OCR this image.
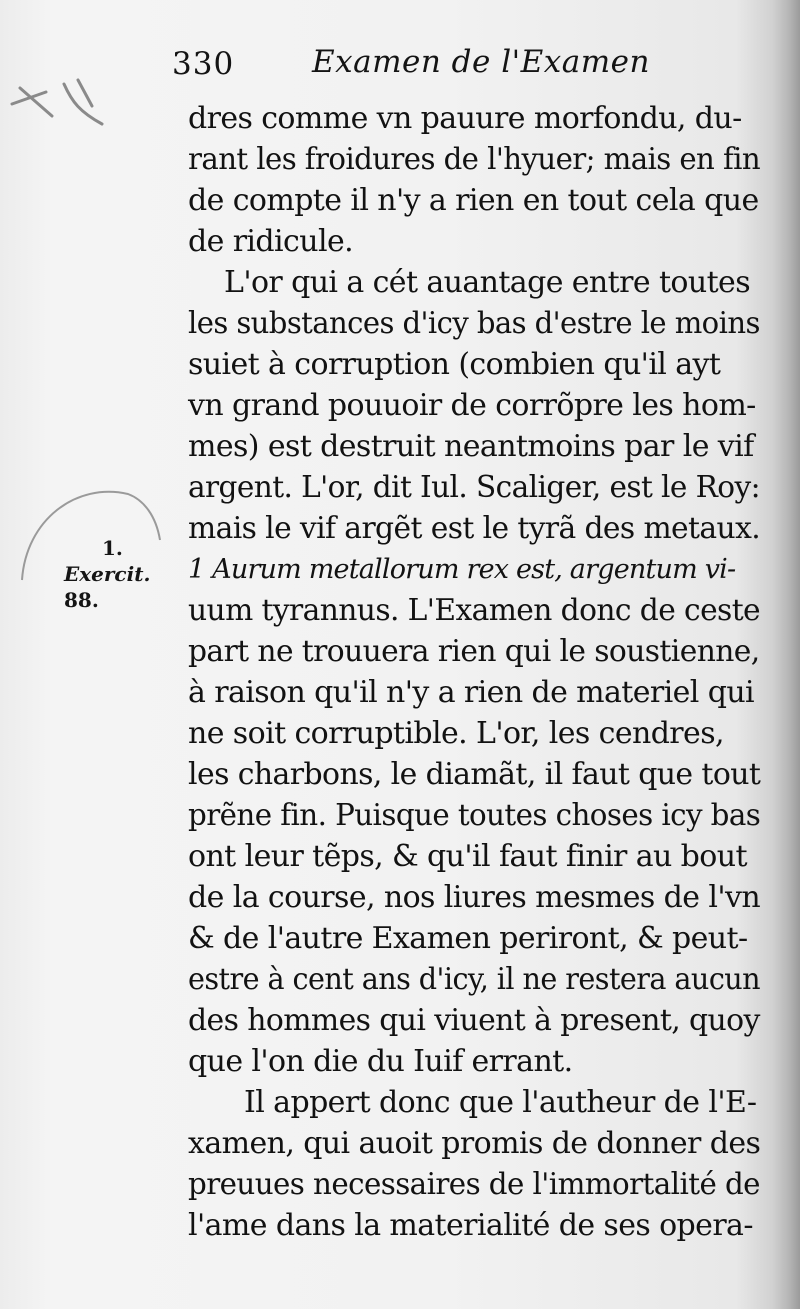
330	Examen de l'Examen
1.
Exercit.
88.
dres comme vn pauure morfondu, du-
rant les froidures de l'hyuer; mais en fin
de compte il n'y a rien en tout cela que
de ridicule.
L'or qui a cét auantage entre toutes
les substances d'icy bas d'estre le moins
suiet à corruption (combien qu'il ayt
vn grand pouuoir de corrõpre les hom-
mes) est destruit neantmoins par le vif
argent. L'or, dit Iul. Scaliger, est le Roy:
mais le vif argẽt est le tyrã des metaux.
1 Aurum metallorum rex est, argentum vi-
uum tyrannus. L'Examen donc de ceste
part ne trouuera rien qui le soustienne,
à raison qu'il n'y a rien de materiel qui
ne soit corruptible. L'or, les cendres,
les charbons, le diamãt, il faut que tout
prẽne fin. Puisque toutes choses icy bas
ont leur tẽps, & qu'il faut finir au bout
de la course, nos liures mesmes de l'vn
& de l'autre Examen periront, & peut-
estre à cent ans d'icy, il ne restera aucun
des hommes qui viuent à present, quoy
que l'on die du Iuif errant.
Il appert donc que l'autheur de l'E-
xamen, qui auoit promis de donner des
preuues necessaires de l'immortalité de
l'ame dans la materialité de ses opera-
